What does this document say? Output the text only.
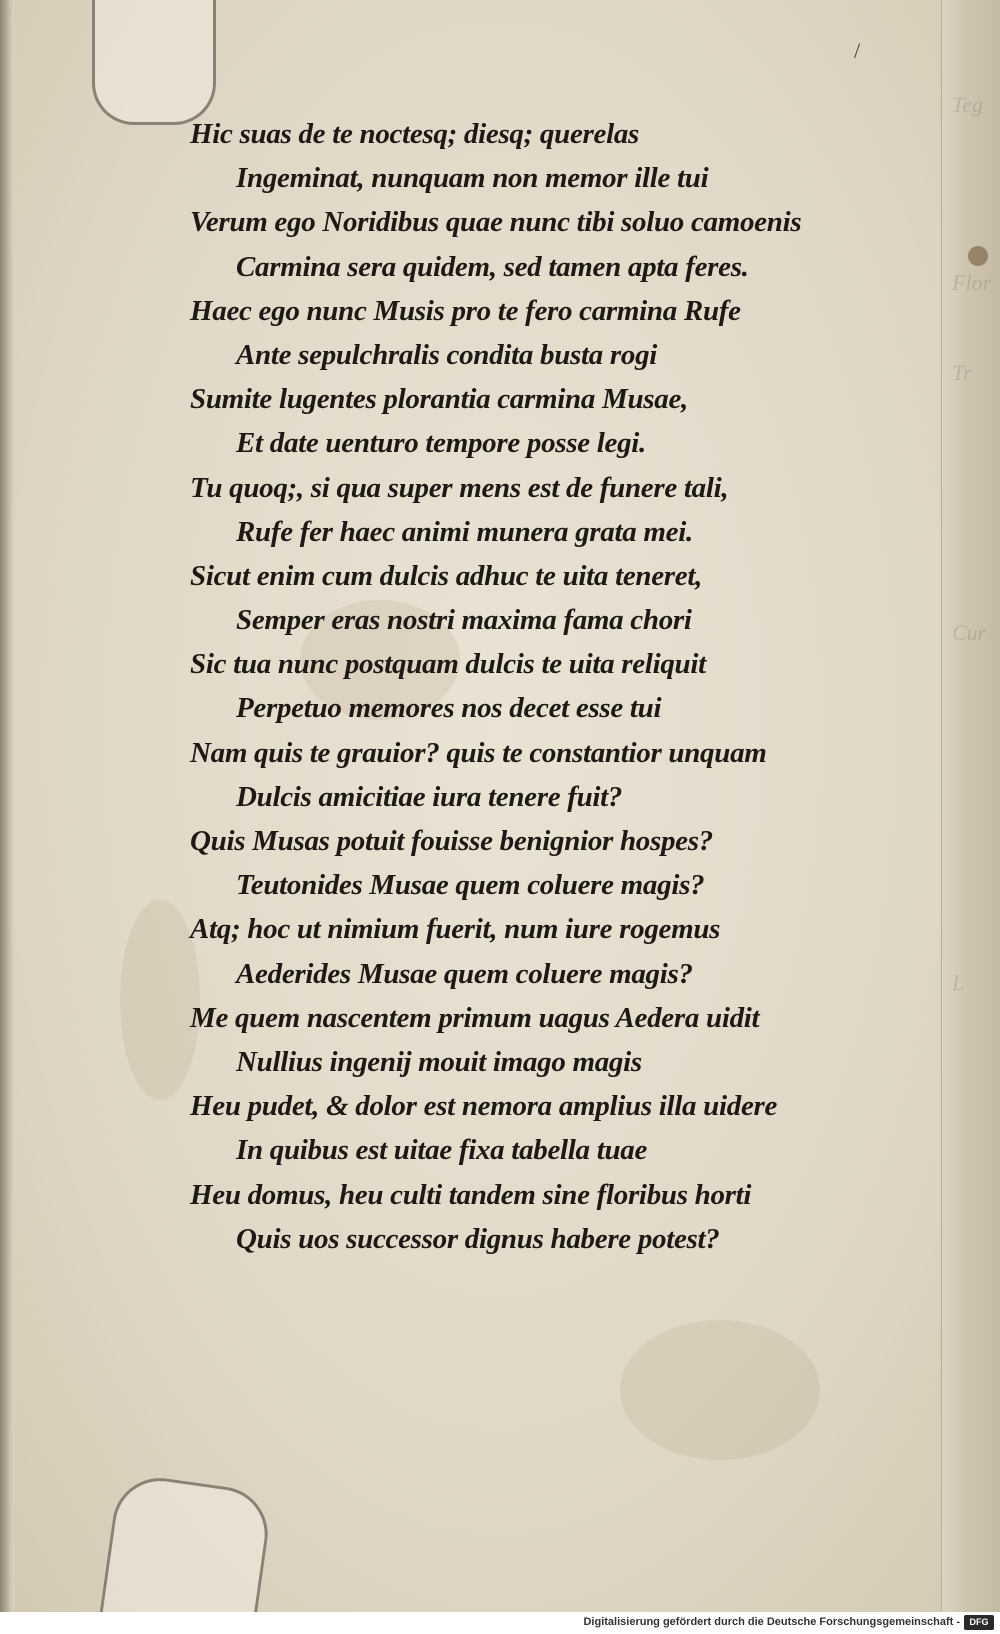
Teg
Flor
Tr
Cur
L
/
Hic suas de te noctesq; diesq; querelas
Ingeminat, nunquam non memor ille tui
Verum ego Noridibus quae nunc tibi soluo camoenis
Carmina sera quidem, sed tamen apta feres.
Haec ego nunc Musis pro te fero carmina Rufe
Ante sepulchralis condita busta rogi
Sumite lugentes plorantia carmina Musae,
Et date uenturo tempore posse legi.
Tu quoq;, si qua super mens est de funere tali,
Rufe fer haec animi munera grata mei.
Sicut enim cum dulcis adhuc te uita teneret,
Semper eras nostri maxima fama chori
Sic tua nunc postquam dulcis te uita reliquit
Perpetuo memores nos decet esse tui
Nam quis te grauior? quis te constantior unquam
Dulcis amicitiae iura tenere fuit?
Quis Musas potuit fouisse benignior hospes?
Teutonides Musae quem coluere magis?
Atq; hoc ut nimium fuerit, num iure rogemus
Aederides Musae quem coluere magis?
Me quem nascentem primum uagus Aedera uidit
Nullius ingenij mouit imago magis
Heu pudet, & dolor est nemora amplius illa uidere
In quibus est uitae fixa tabella tuae
Heu domus, heu culti tandem sine floribus horti
Quis uos successor dignus habere potest?
Digitalisierung gefördert durch die Deutsche Forschungsgemeinschaft -	DFG
